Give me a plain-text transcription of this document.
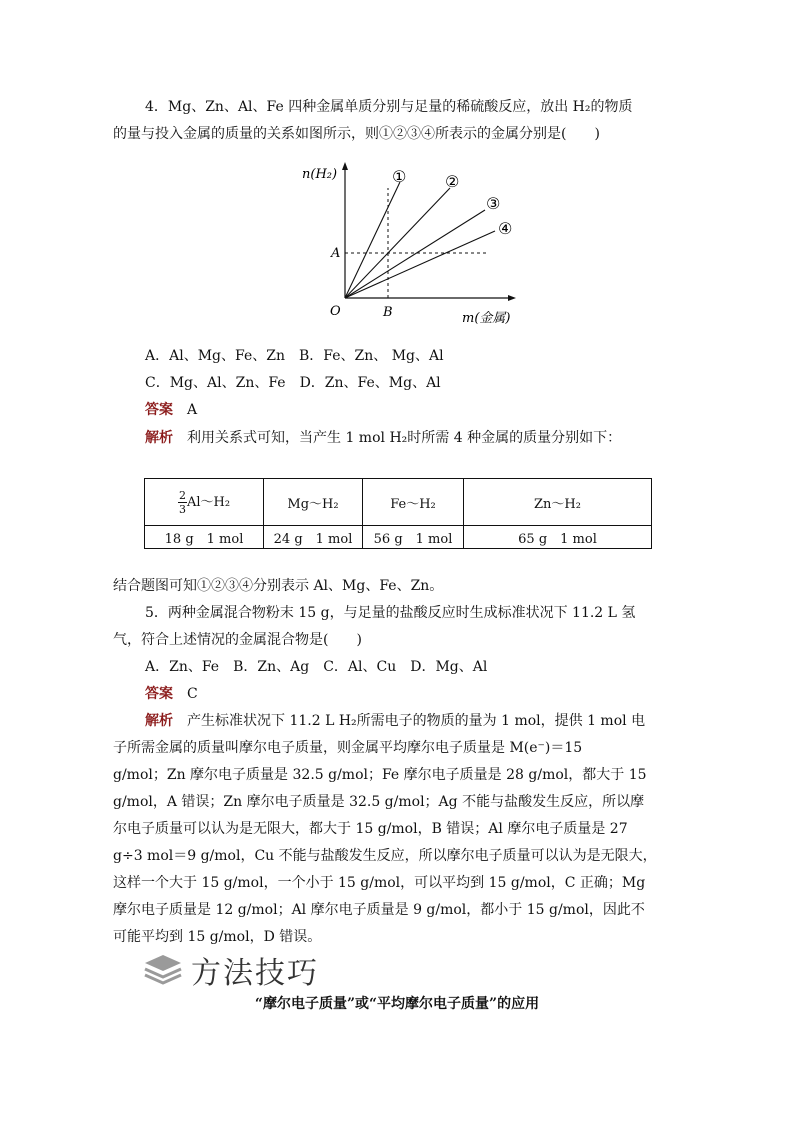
4．Mg、Zn、Al、Fe 四种金属单质分别与足量的稀硫酸反应，放出 H₂的物质
的量与投入金属的质量的关系如图所示，则①②③④所表示的金属分别是(　　)
n(H₂)
m(金属)
O
A
B
① ②
③
④
A．Al、Mg、Fe、Zn　B．Fe、Zn、 Mg、Al
C．Mg、Al、Zn、Fe　D．Zn、Fe、Mg、Al
答案　 A
解析　 利用关系式可知，当产生 1 mol H₂时所需 4 种金属的质量分别如下：
$\frac{2}{3}$ Al～H₂	Mg～H₂	Fe～H₂	Zn～H₂
18 g　1 mol	24 g　1 mol	56 g　1 mol	65 g　1 mol
结合题图可知①②③④分别表示 Al、Mg、Fe、Zn。
5．两种金属混合物粉末 15 g，与足量的盐酸反应时生成标准状况下 11.2 L 氢
气，符合上述情况的金属混合物是(　　)
A．Zn、Fe　B．Zn、Ag　C．Al、Cu　D．Mg、Al
答案　 C
解析　 产生标准状况下 11.2 L H₂所需电子的物质的量为 1 mol，提供 1 mol 电
子所需金属的质量叫摩尔电子质量，则金属平均摩尔电子质量是 M(e⁻)＝15
g/mol；Zn 摩尔电子质量是 32.5 g/mol；Fe 摩尔电子质量是 28 g/mol，都大于 15
g/mol，A 错误；Zn 摩尔电子质量是 32.5 g/mol；Ag 不能与盐酸发生反应，所以摩
尔电子质量可以认为是无限大，都大于 15 g/mol，B 错误；Al 摩尔电子质量是 27
g÷3 mol＝9 g/mol，Cu 不能与盐酸发生反应，所以摩尔电子质量可以认为是无限大，
这样一个大于 15 g/mol，一个小于 15 g/mol，可以平均到 15 g/mol，C 正确；Mg
摩尔电子质量是 12 g/mol；Al 摩尔电子质量是 9 g/mol，都小于 15 g/mol，因此不
可能平均到 15 g/mol，D 错误。
方法技巧
“摩尔电子质量”或“平均摩尔电子质量”的应用
